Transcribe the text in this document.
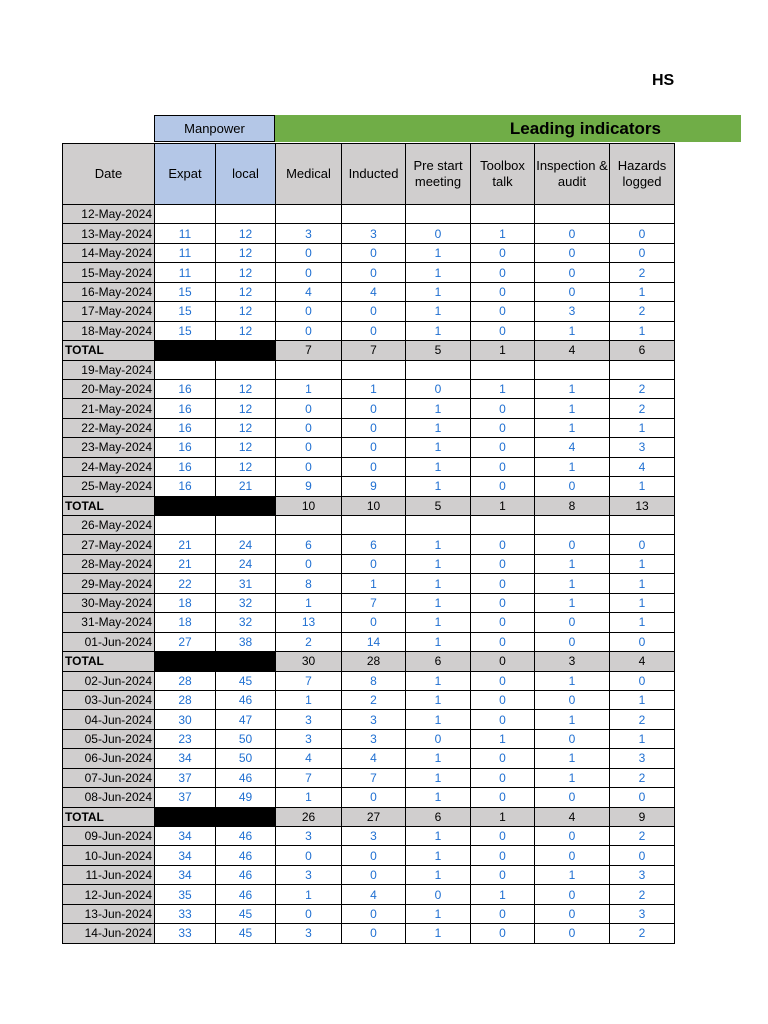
HS
Manpower	Leading indicators
Date	Expat	local	Medical	Inducted	Pre start meeting	Toolbox talk	Inspection & audit	Hazards logged
12-May-2024								
13-May-2024	11	12	3	3	0	1	0	0
14-May-2024	11	12	0	0	1	0	0	0
15-May-2024	11	12	0	0	1	0	0	2
16-May-2024	15	12	4	4	1	0	0	1
17-May-2024	15	12	0	0	1	0	3	2
18-May-2024	15	12	0	0	1	0	1	1
TOTAL			7	7	5	1	4	6
19-May-2024								
20-May-2024	16	12	1	1	0	1	1	2
21-May-2024	16	12	0	0	1	0	1	2
22-May-2024	16	12	0	0	1	0	1	1
23-May-2024	16	12	0	0	1	0	4	3
24-May-2024	16	12	0	0	1	0	1	4
25-May-2024	16	21	9	9	1	0	0	1
TOTAL			10	10	5	1	8	13
26-May-2024								
27-May-2024	21	24	6	6	1	0	0	0
28-May-2024	21	24	0	0	1	0	1	1
29-May-2024	22	31	8	1	1	0	1	1
30-May-2024	18	32	1	7	1	0	1	1
31-May-2024	18	32	13	0	1	0	0	1
01-Jun-2024	27	38	2	14	1	0	0	0
TOTAL			30	28	6	0	3	4
02-Jun-2024	28	45	7	8	1	0	1	0
03-Jun-2024	28	46	1	2	1	0	0	1
04-Jun-2024	30	47	3	3	1	0	1	2
05-Jun-2024	23	50	3	3	0	1	0	1
06-Jun-2024	34	50	4	4	1	0	1	3
07-Jun-2024	37	46	7	7	1	0	1	2
08-Jun-2024	37	49	1	0	1	0	0	0
TOTAL			26	27	6	1	4	9
09-Jun-2024	34	46	3	3	1	0	0	2
10-Jun-2024	34	46	0	0	1	0	0	0
11-Jun-2024	34	46	3	0	1	0	1	3
12-Jun-2024	35	46	1	4	0	1	0	2
13-Jun-2024	33	45	0	0	1	0	0	3
14-Jun-2024	33	45	3	0	1	0	0	2
